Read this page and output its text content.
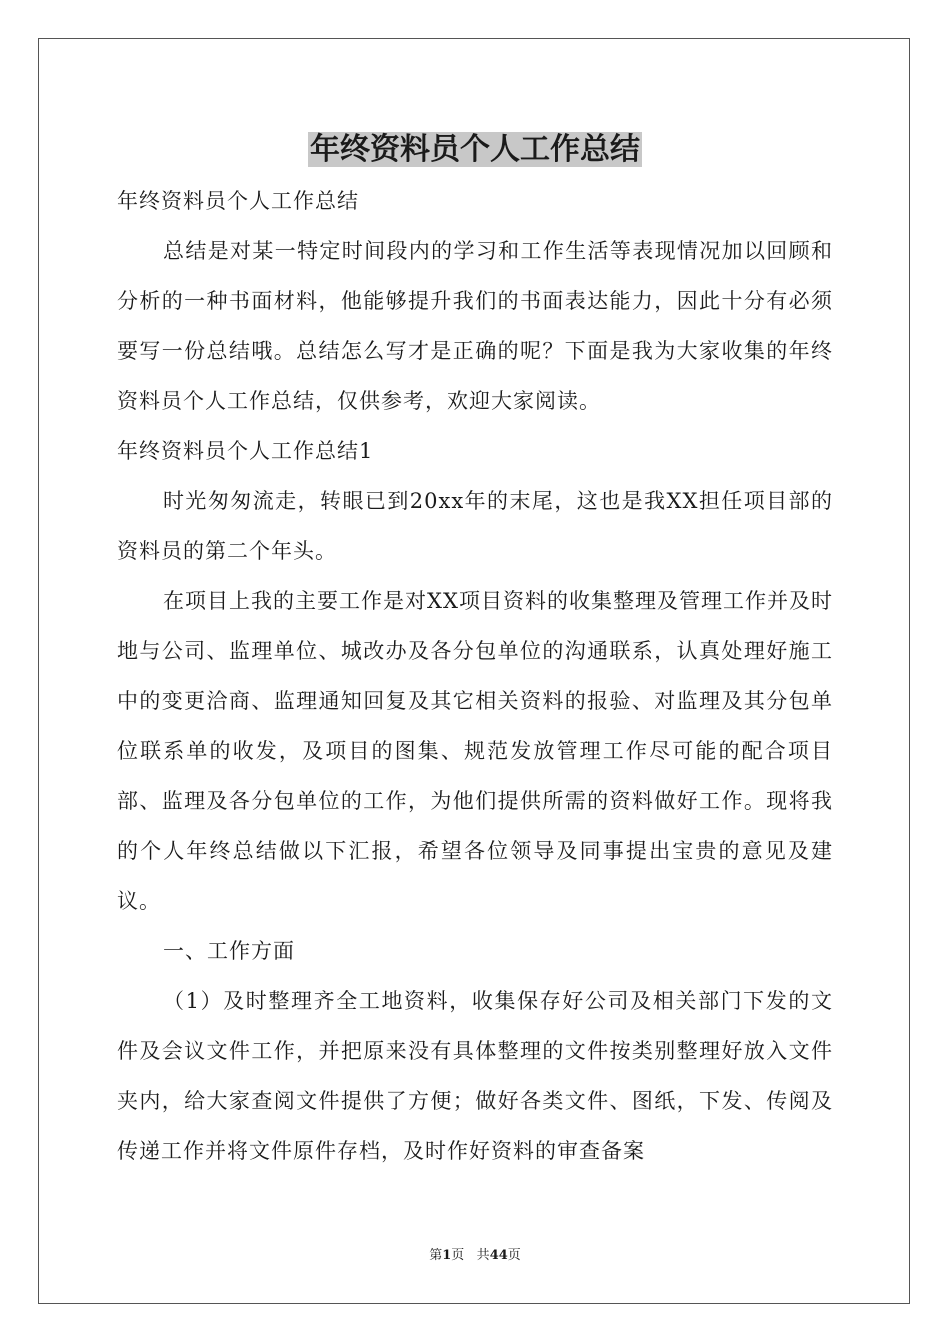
年终资料员个人工作总结

年终资料员个人工作总结

总结是对某一特定时间段内的学习和工作生活等表现情况加以回顾和分析的一种书面材料，他能够提升我们的书面表达能力，因此十分有必须要写一份总结哦。总结怎么写才是正确的呢？下面是我为大家收集的年终资料员个人工作总结，仅供参考，欢迎大家阅读。

年终资料员个人工作总结1

时光匆匆流走，转眼已到20xx年的末尾，这也是我XX担任项目部的资料员的第二个年头。

在项目上我的主要工作是对XX项目资料的收集整理及管理工作并及时地与公司、监理单位、城改办及各分包单位的沟通联系，认真处理好施工中的变更洽商、监理通知回复及其它相关资料的报验、对监理及其分包单位联系单的收发，及项目的图集、规范发放管理工作尽可能的配合项目部、监理及各分包单位的工作，为他们提供所需的资料做好工作。现将我的个人年终总结做以下汇报，希望各位领导及同事提出宝贵的意见及建议。

一、工作方面

（1）及时整理齐全工地资料，收集保存好公司及相关部门下发的文件及会议文件工作，并把原来没有具体整理的文件按类别整理好放入文件夹内，给大家查阅文件提供了方便；做好各类文件、图纸，下发、传阅及传递工作并将文件原件存档，及时作好资料的审查备案

第1页 共44页
